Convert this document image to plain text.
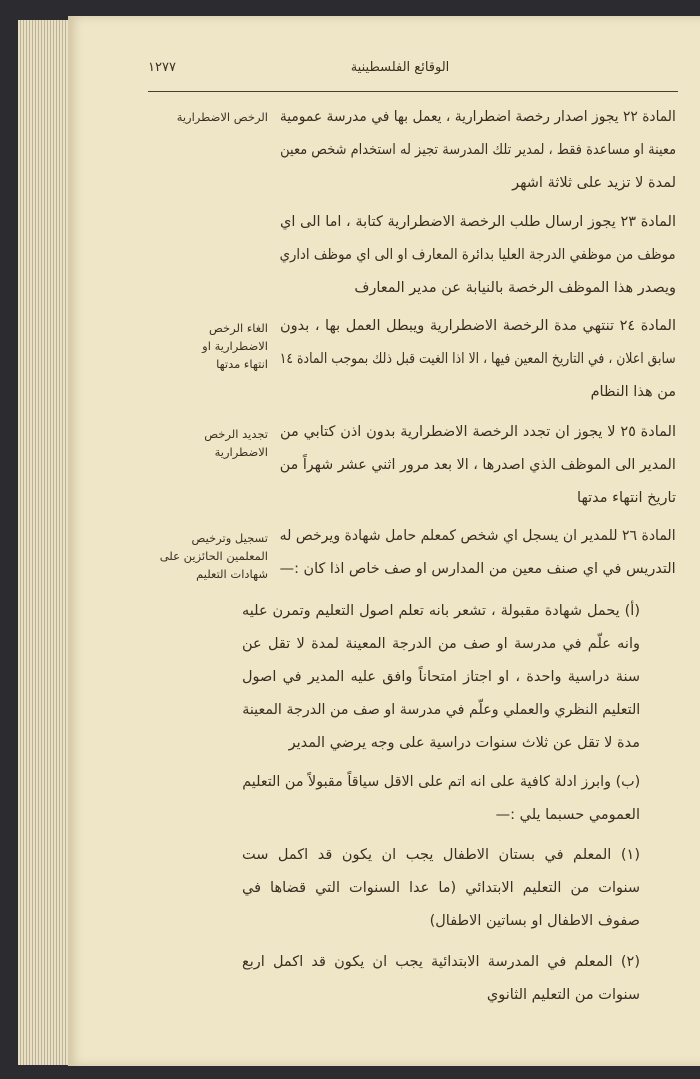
١٢٧٧	الوقائع الفلسطينية
المادة ٢٢ يجوز اصدار رخصة اضطرارية ، يعمل بها في مدرسة عمومية
معينة او مساعدة فقط ، لمدير تلك المدرسة تجيز له استخدام شخص معين
لمدة لا تزيد على ثلاثة اشهر
الرخص الاضطرارية
المادة ٢٣ يجوز ارسال طلب الرخصة الاضطرارية كتابة ، اما الى اي
موظف من موظفي الدرجة العليا بدائرة المعارف او الى اي موظف اداري
ويصدر هذا الموظف الرخصة بالنيابة عن مدير المعارف
المادة ٢٤ تنتهي مدة الرخصة الاضطرارية ويبطل العمل بها ، بدون
سابق اعلان ، في التاريخ المعين فيها ، الا اذا الغيت قبل ذلك بموجب المادة ١٤
من هذا النظام
الغاء الرخص
الاضطرارية او
انتهاء مدتها
المادة ٢٥ لا يجوز ان تجدد الرخصة الاضطرارية بدون اذن كتابي من
المدير الى الموظف الذي اصدرها ، الا بعد مرور اثني عشر شهراً من
تاريخ انتهاء مدتها
تجديد الرخص
الاضطرارية
المادة ٢٦ للمدير ان يسجل اي شخص كمعلم حامل شهادة ويرخص له
التدريس في اي صنف معين من المدارس او صف خاص اذا كان :—
تسجيل وترخيص
المعلمين الحائزين على
شهادات التعليم
(أ) يحمل شهادة مقبولة ، تشعر بانه تعلم اصول التعليم وتمرن عليه
وانه علّم في مدرسة او صف من الدرجة المعينة لمدة لا تقل عن
سنة دراسية واحدة ، او اجتاز امتحاناً وافق عليه المدير في اصول
التعليم النظري والعملي وعلّم في مدرسة او صف من الدرجة المعينة
مدة لا تقل عن ثلاث سنوات دراسية على وجه يرضي المدير
(ب) وابرز ادلة كافية على انه اتم على الاقل سياقاً مقبولاً من التعليم
العمومي حسبما يلي :—
(١) المعلم في بستان الاطفال يجب ان يكون قد اكمل ست
سنوات من التعليم الابتدائي (ما عدا السنوات التي قضاها في
صفوف الاطفال او بساتين الاطفال)
(٢) المعلم في المدرسة الابتدائية يجب ان يكون قد اكمل اربع
سنوات من التعليم الثانوي
